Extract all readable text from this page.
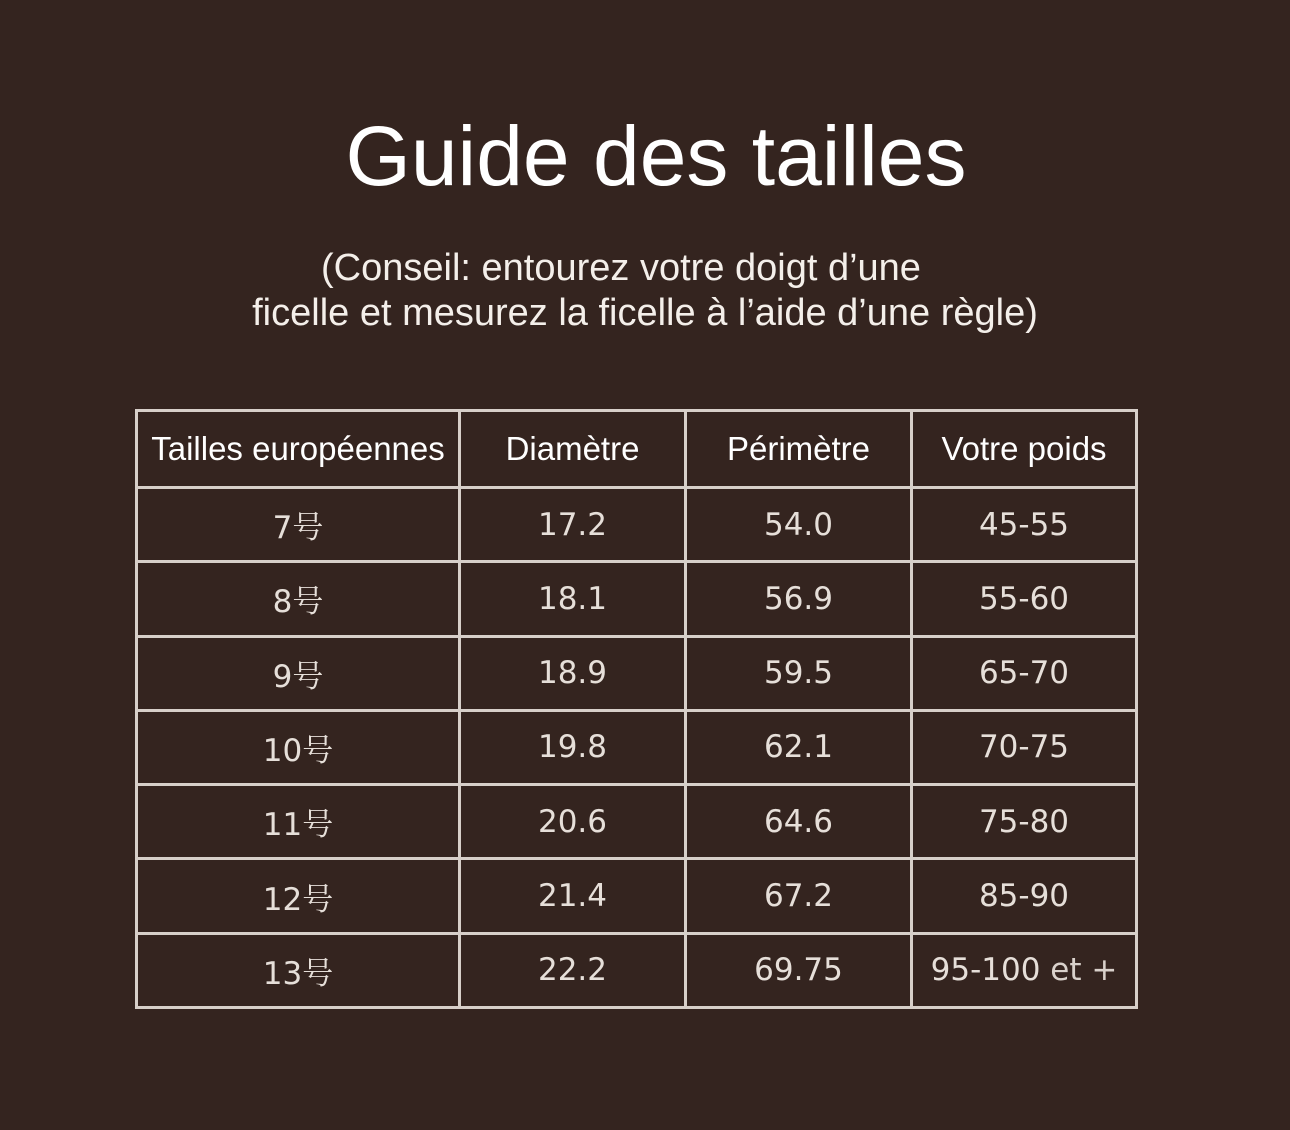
Guide des tailles
(Conseil: entourez votre doigt d’une
ficelle et mesurez la ficelle à l’aide d’une règle)
Tailles européennes	Diamètre	Périmètre	Votre poids
7号	17.2	54.0	45-55
8号	18.1	56.9	55-60
9号	18.9	59.5	65-70
10号	19.8	62.1	70-75
11号	20.6	64.6	75-80
12号	21.4	67.2	85-90
13号	22.2	69.75	95-100 et +
